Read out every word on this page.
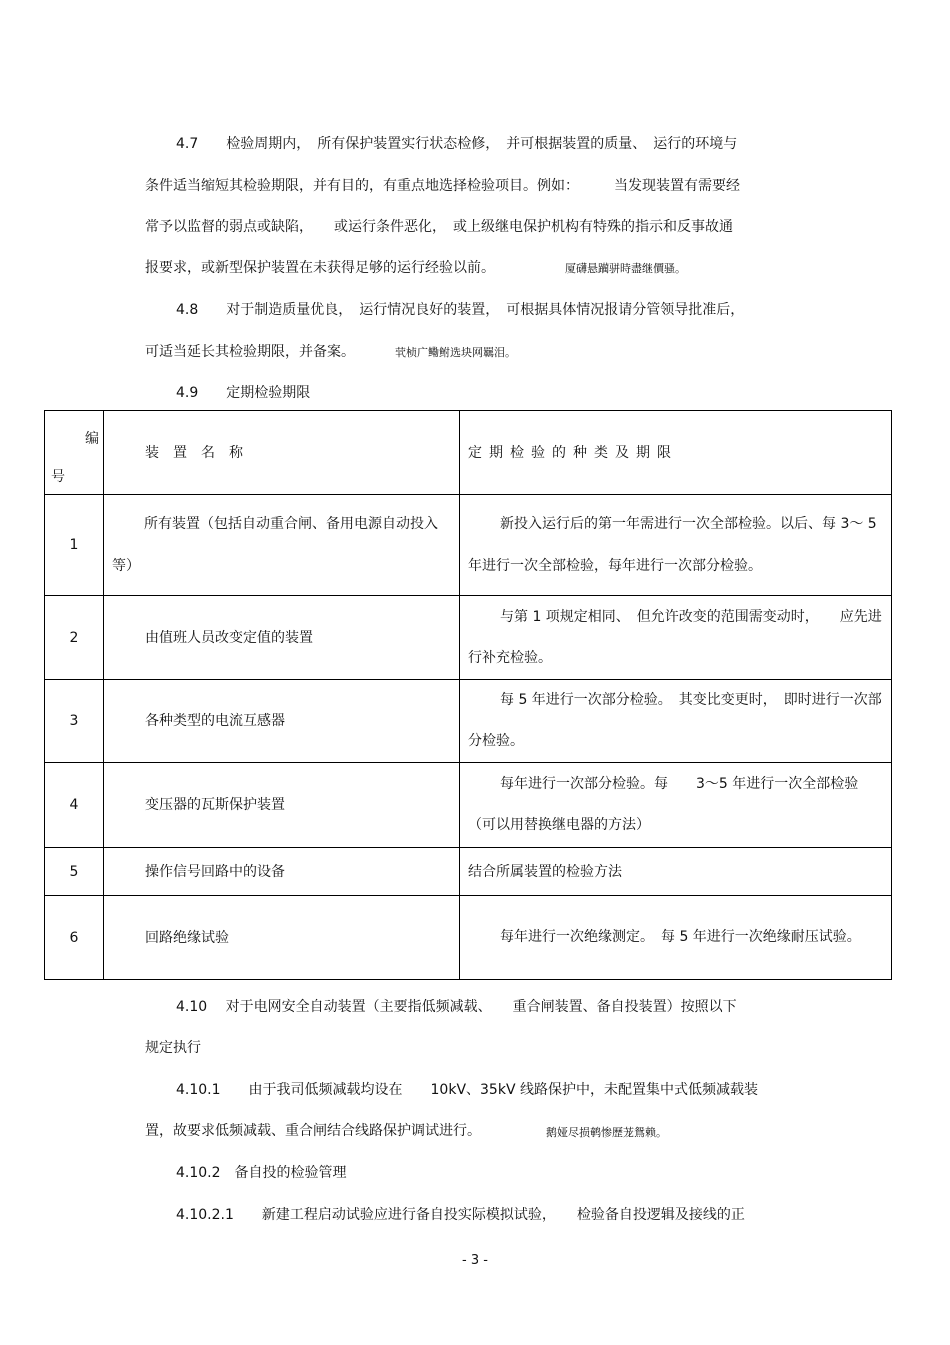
4.7　　检验周期内，　所有保护装置实行状态检修，　并可根据装置的质量、　运行的环境与
条件适当缩短其检验期限，并有目的，有重点地选择检验项目。例如：　　　当发现装置有需要经
常予以监督的弱点或缺陷，　　或运行条件恶化，　或上级继电保护机构有特殊的指示和反事故通
报要求，或新型保护装置在未获得足够的运行经验以前。	厦礴悬躏骈時盡继價骚。
4.8　　对于制造质量优良，　运行情况良好的装置，　可根据具体情况报请分管领导批准后，
可适当延长其检验期限，并备案。	茕桢广鳓鲋选块网羈泪。
4.9　　定期检验期限
编
号	装置名称	定期检验的种类及期限
1	所有装置（包括自动重合闸、备用电源自动投入等）	新投入运行后的第一年需进行一次全部检验。以后、每 3～ 5 年进行一次全部检验，每年进行一次部分检验。
2	由值班人员改变定值的装置	与第 1 项规定相同、　但允许改变的范围需变动时，　　应先进行补充检验。
3	各种类型的电流互感器	每 5 年进行一次部分检验。　其变比变更时，　即时进行一次部分检验。
4	变压器的瓦斯保护装置	每年进行一次部分检验。每　　3～5 年进行一次全部检验（可以用替换继电器的方法）
5	操作信号回路中的设备	结合所属装置的检验方法
6	回路绝缘试验	每年进行一次绝缘测定。　每 5 年进行一次绝缘耐压试验。
4.10　 对于电网安全自动装置（主要指低频减载、　　重合闸装置、备自投装置）按照以下
规定执行
4.10.1　　由于我司低频减载均设在　　10kV、35kV 线路保护中，未配置集中式低频减载装
置，故要求低频减载、重合闸结合线路保护调试进行。	鹅娅尽损鹌惨歷茏鴛赖。
4.10.2　备自投的检验管理
4.10.2.1　　新建工程启动试验应进行备自投实际模拟试验，　　检验备自投逻辑及接线的正
- 3 -
